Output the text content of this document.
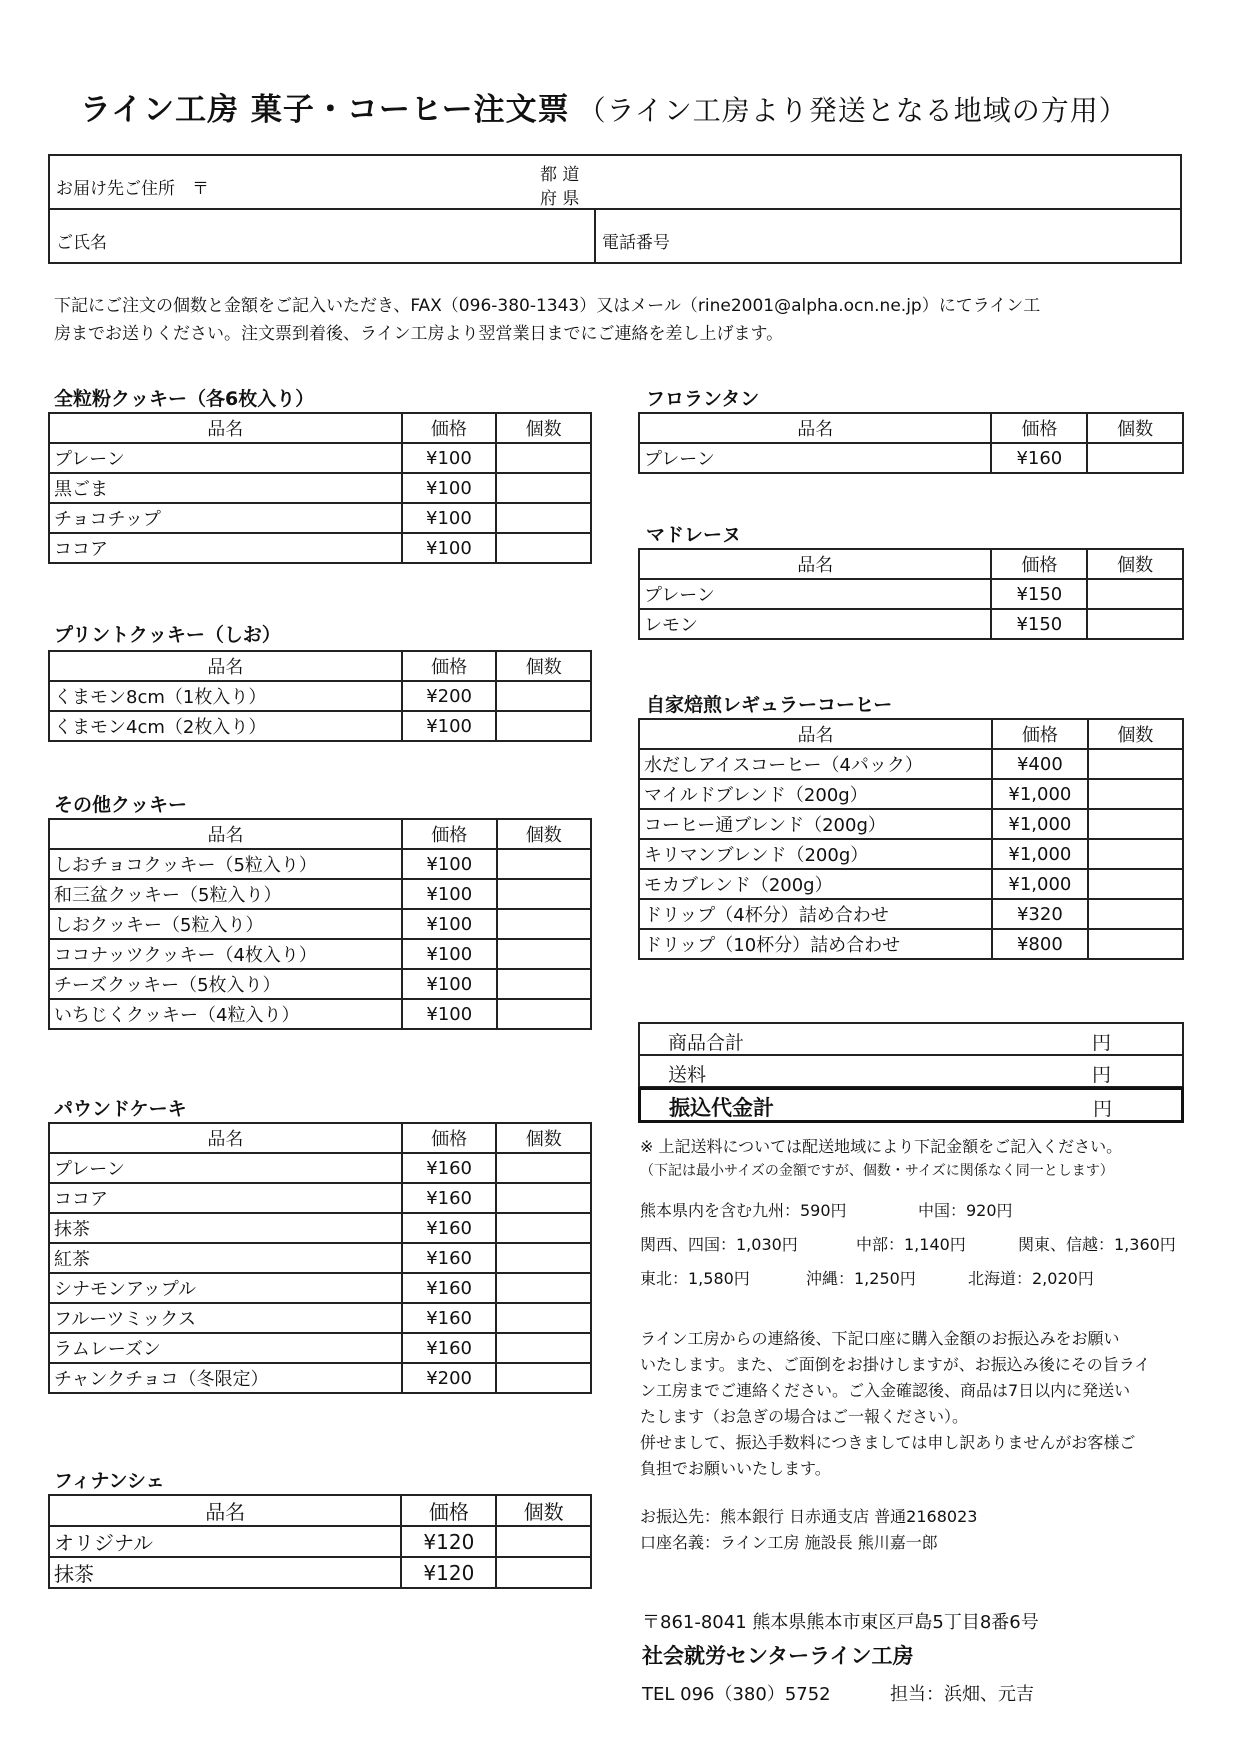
ライン工房 菓子・コーヒー注文票 （ライン工房より発送となる地域の方用）
お届け先ご住所　〒
都 道
府 県
ご氏名	電話番号
下記にご注文の個数と金額をご記入いただき、FAX（096-380-1343）又はメール（rine2001@alpha.ocn.ne.jp）にてライン工
房までお送りください。注文票到着後、ライン工房より翌営業日までにご連絡を差し上げます。
全粒粉クッキー（各6枚入り）
品名	価格	個数
プレーン	¥100	
黒ごま	¥100	
チョコチップ	¥100	
ココア	¥100	
プリントクッキー（しお）
品名	価格	個数
くまモン8cm（1枚入り）	¥200	
くまモン4cm（2枚入り）	¥100	
その他クッキー
品名	価格	個数
しおチョコクッキー（5粒入り）	¥100	
和三盆クッキー（5粒入り）	¥100	
しおクッキー（5粒入り）	¥100	
ココナッツクッキー（4枚入り）	¥100	
チーズクッキー（5枚入り）	¥100	
いちじくクッキー（4粒入り）	¥100	
パウンドケーキ
品名	価格	個数
プレーン	¥160	
ココア	¥160	
抹茶	¥160	
紅茶	¥160	
シナモンアップル	¥160	
フルーツミックス	¥160	
ラムレーズン	¥160	
チャンクチョコ（冬限定）	¥200	
フィナンシェ
品名	価格	個数
オリジナル	¥120	
抹茶	¥120	
フロランタン
品名	価格	個数
プレーン	¥160	
マドレーヌ
品名	価格	個数
プレーン	¥150	
レモン	¥150	
自家焙煎レギュラーコーヒー
品名	価格	個数
水だしアイスコーヒー（4パック）	¥400	
マイルドブレンド（200g）	¥1,000	
コーヒー通ブレンド（200g）	¥1,000	
キリマンブレンド（200g）	¥1,000	
モカブレンド（200g）	¥1,000	
ドリップ（4杯分）詰め合わせ	¥320	
ドリップ（10杯分）詰め合わせ	¥800	
商品合計	円
送料	円
振込代金計	円
※ 上記送料については配送地域により下記金額をご記入ください。
（下記は最小サイズの金額ですが、個数・サイズに関係なく同一とします）
熊本県内を含む九州：590円	中国：920円
関西、四国：1,030円	中部：1,140円	関東、信越：1,360円
東北：1,580円	沖縄：1,250円	北海道：2,020円
ライン工房からの連絡後、下記口座に購入金額のお振込みをお願い
いたします。また、ご面倒をお掛けしますが、お振込み後にその旨ライ
ン工房までご連絡ください。ご入金確認後、商品は7日以内に発送い
たします（お急ぎの場合はご一報ください）。
併せまして、振込手数料につきましては申し訳ありませんがお客様ご
負担でお願いいたします。
お振込先：熊本銀行 日赤通支店 普通2168023
口座名義：ライン工房 施設長 熊川嘉一郎
〒861-8041 熊本県熊本市東区戸島5丁目8番6号
社会就労センターライン工房
TEL 096（380）5752	担当：浜畑、元吉
